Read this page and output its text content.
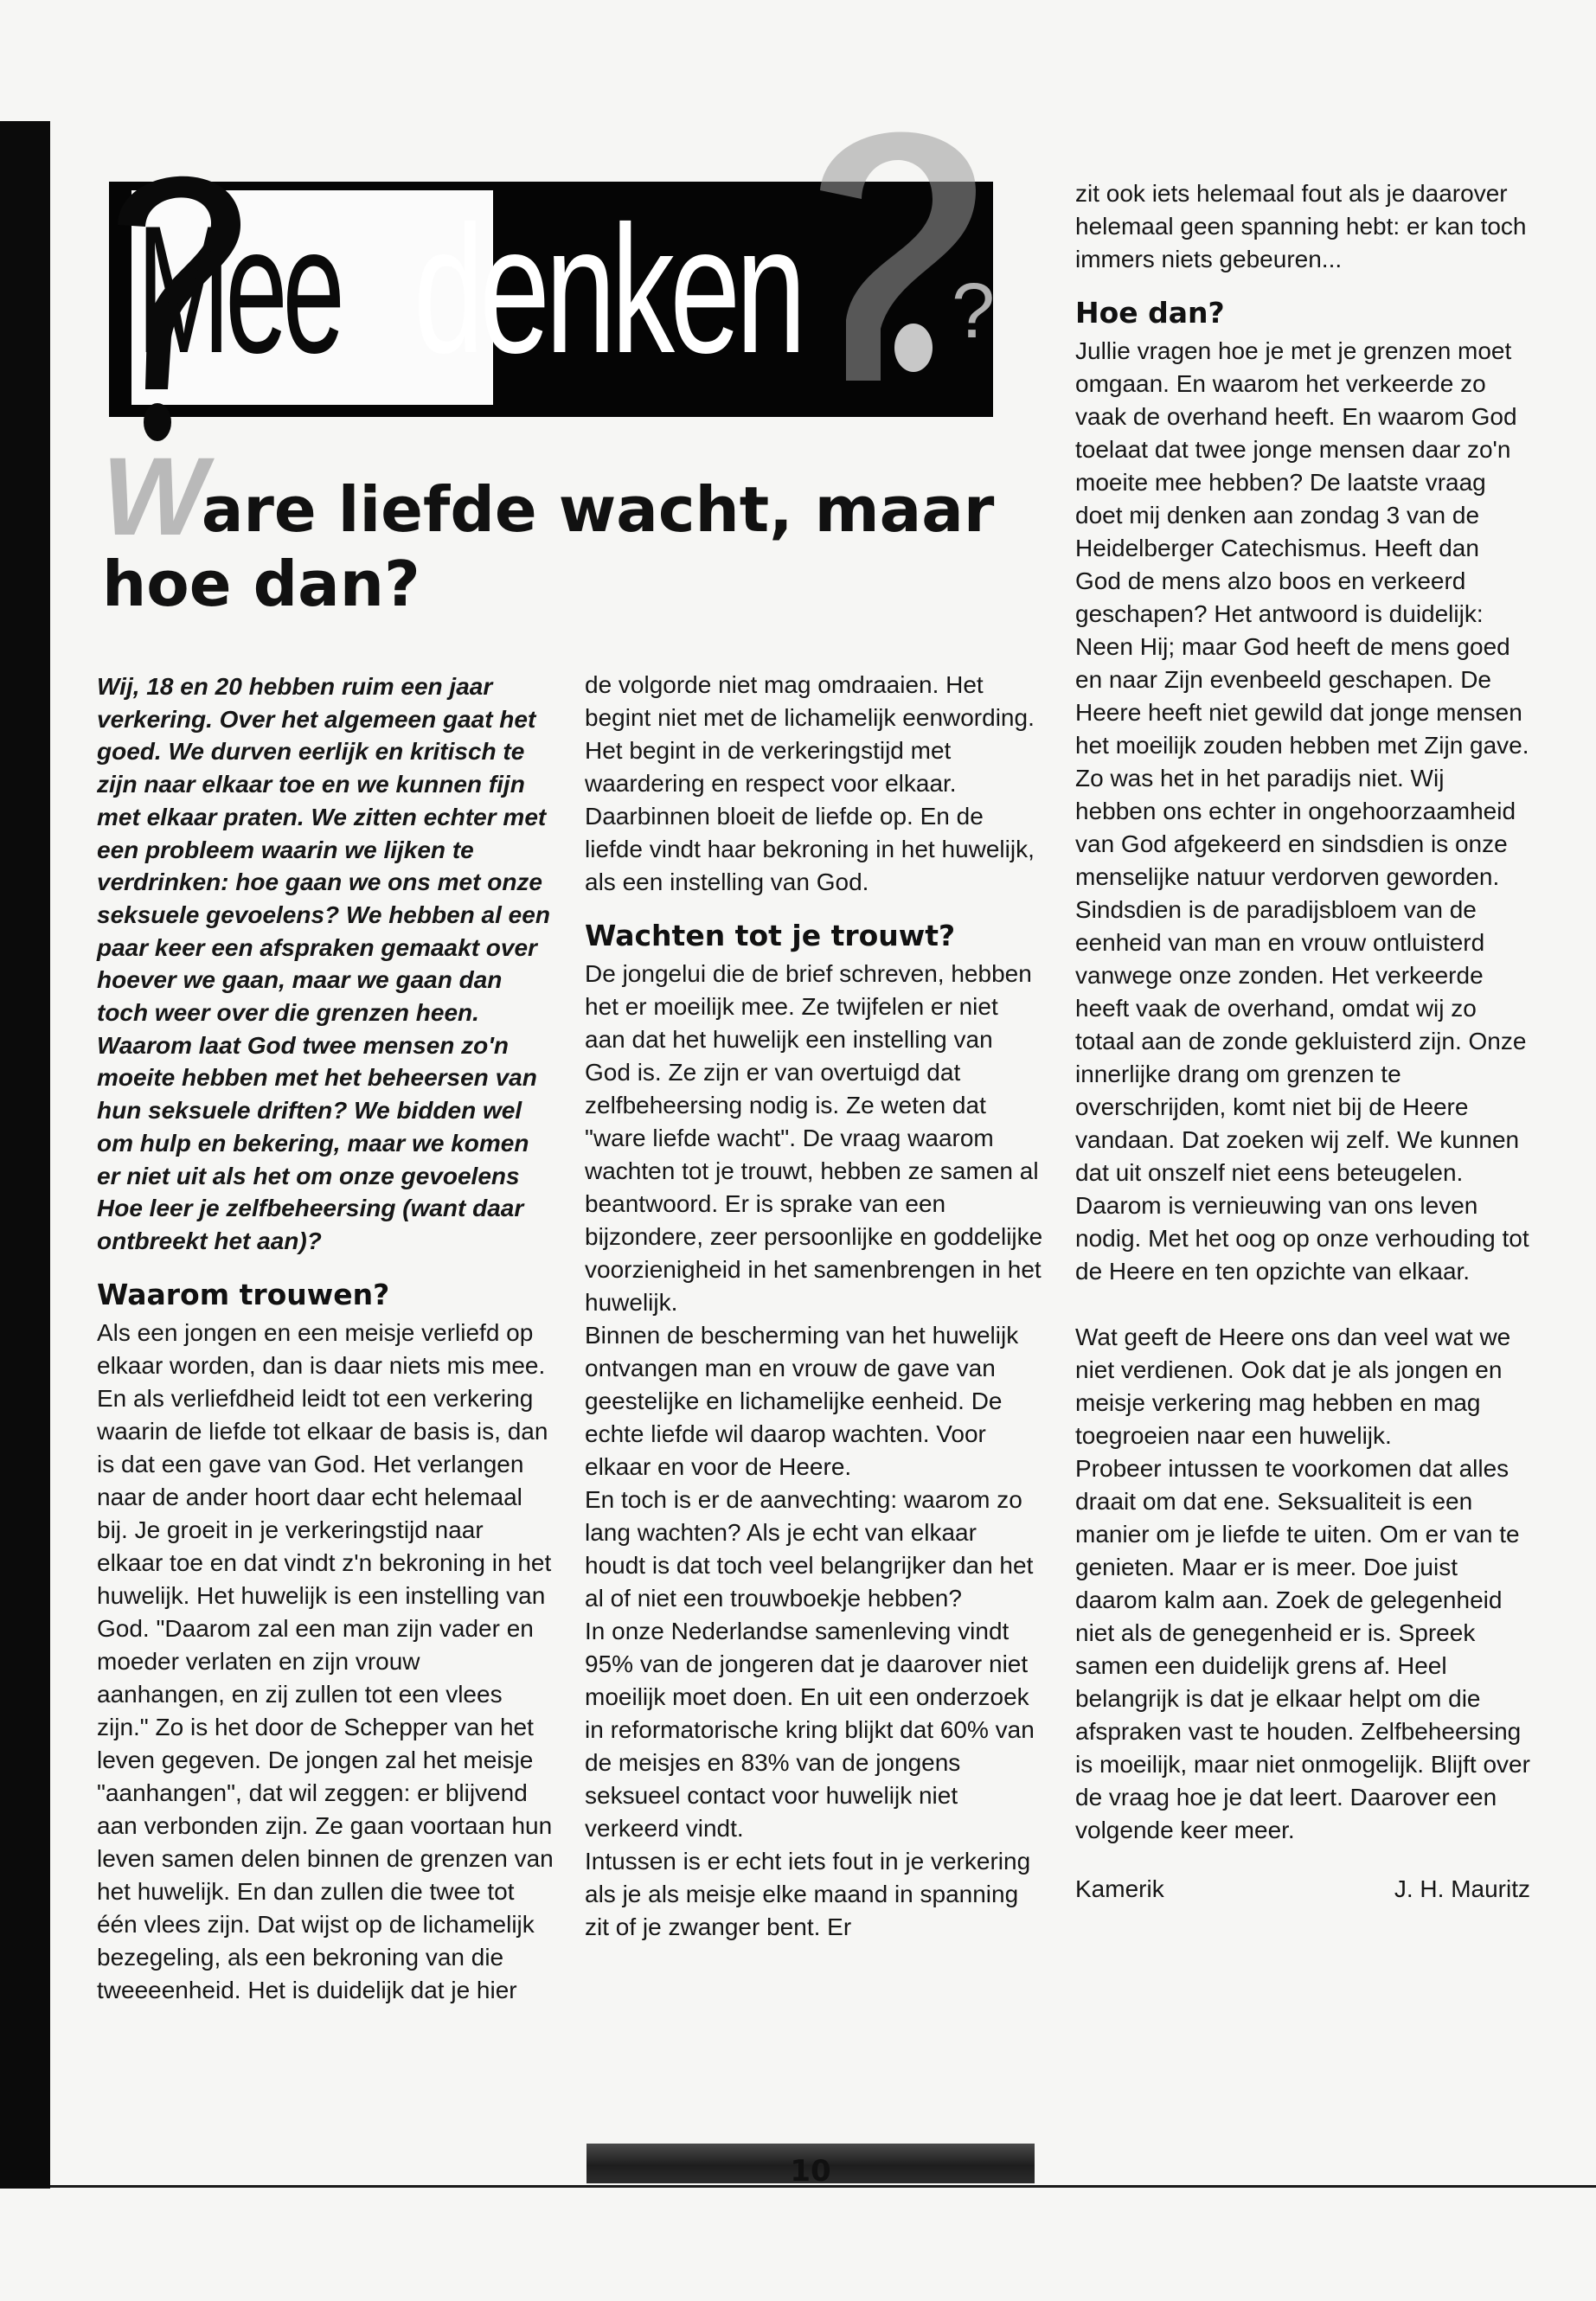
10
?
Mee denken
Ware liefde wacht, maar hoe dan?

Wij, 18 en 20 hebben ruim een jaar verkering. Over het algemeen gaat het goed. We durven eerlijk en kritisch te zijn naar elkaar toe en we kunnen fijn met elkaar praten. We zitten echter met een probleem waarin we lijken te verdrinken: hoe gaan we ons met onze seksuele gevoelens? We hebben al een paar keer een afspraken gemaakt over hoever we gaan, maar we gaan dan toch weer over die grenzen heen. Waarom laat God twee mensen zo'n moeite hebben met het beheersen van hun seksuele driften? We bidden wel om hulp en bekering, maar we komen er niet uit als het om onze gevoelens Hoe leer je zelfbeheersing (want daar ontbreekt het aan)?

Waarom trouwen?

Als een jongen en een meisje verliefd op elkaar worden, dan is daar niets mis mee. En als verliefdheid leidt tot een verkering waarin de liefde tot elkaar de basis is, dan is dat een gave van God. Het verlangen naar de ander hoort daar echt helemaal bij. Je groeit in je verkeringstijd naar elkaar toe en dat vindt z'n bekroning in het huwelijk. Het huwelijk is een instelling van God. "Daarom zal een man zijn vader en moeder verlaten en zijn vrouw aanhangen, en zij zullen tot een vlees zijn." Zo is het door de Schepper van het leven gegeven. De jongen zal het meisje "aanhangen", dat wil zeggen: er blijvend aan verbonden zijn. Ze gaan voortaan hun leven samen delen binnen de grenzen van het huwelijk. En dan zullen die twee tot één vlees zijn. Dat wijst op de lichamelijk bezegeling, als een bekroning van die tweeeenheid. Het is duidelijk dat je hier

de volgorde niet mag omdraaien. Het begint niet met de lichamelijk eenwording. Het begint in de verkeringstijd met waardering en respect voor elkaar. Daarbinnen bloeit de liefde op. En de liefde vindt haar bekroning in het huwelijk, als een instelling van God.

Wachten tot je trouwt?

De jongelui die de brief schreven, hebben het er moeilijk mee. Ze twijfelen er niet aan dat het huwelijk een instelling van God is. Ze zijn er van overtuigd dat zelfbeheersing nodig is. Ze weten dat "ware liefde wacht". De vraag waarom wachten tot je trouwt, hebben ze samen al beantwoord. Er is sprake van een bijzondere, zeer persoonlijke en goddelijke voorzienigheid in het samenbrengen in het huwelijk.

Binnen de bescherming van het huwelijk ontvangen man en vrouw de gave van geestelijke en lichamelijke eenheid. De echte liefde wil daarop wachten. Voor elkaar en voor de Heere.

En toch is er de aanvechting: waarom zo lang wachten? Als je echt van elkaar houdt is dat toch veel belangrijker dan het al of niet een trouwboekje hebben?

In onze Nederlandse samenleving vindt 95% van de jongeren dat je daarover niet moeilijk moet doen. En uit een onderzoek in reformatorische kring blijkt dat 60% van de meisjes en 83% van de jongens seksueel contact voor huwelijk niet verkeerd vindt.

Intussen is er echt iets fout in je verkering als je als meisje elke maand in spanning zit of je zwanger bent. Er

zit ook iets helemaal fout als je daarover helemaal geen spanning hebt: er kan toch immers niets gebeuren...

Hoe dan?

Jullie vragen hoe je met je grenzen moet omgaan. En waarom het verkeerde zo vaak de overhand heeft. En waarom God toelaat dat twee jonge mensen daar zo'n moeite mee hebben? De laatste vraag doet mij denken aan zondag 3 van de Heidelberger Catechismus. Heeft dan God de mens alzo boos en verkeerd geschapen? Het antwoord is duidelijk: Neen Hij; maar God heeft de mens goed en naar Zijn evenbeeld geschapen. De Heere heeft niet gewild dat jonge mensen het moeilijk zouden hebben met Zijn gave. Zo was het in het paradijs niet. Wij hebben ons echter in ongehoorzaamheid van God afgekeerd en sindsdien is onze menselijke natuur verdorven geworden. Sindsdien is de paradijsbloem van de eenheid van man en vrouw ontluisterd vanwege onze zonden. Het verkeerde heeft vaak de overhand, omdat wij zo totaal aan de zonde gekluisterd zijn. Onze innerlijke drang om grenzen te overschrijden, komt niet bij de Heere vandaan. Dat zoeken wij zelf. We kunnen dat uit onszelf niet eens beteugelen. Daarom is vernieuwing van ons leven nodig. Met het oog op onze verhouding tot de Heere en ten opzichte van elkaar.

Wat geeft de Heere ons dan veel wat we niet verdienen. Ook dat je als jongen en meisje verkering mag hebben en mag toegroeien naar een huwelijk.

Probeer intussen te voorkomen dat alles draait om dat ene. Seksualiteit is een manier om je liefde te uiten. Om er van te genieten. Maar er is meer. Doe juist daarom kalm aan. Zoek de gelegenheid niet als de genegenheid er is. Spreek samen een duidelijk grens af. Heel belangrijk is dat je elkaar helpt om die afspraken vast te houden. Zelfbeheersing is moeilijk, maar niet onmogelijk. Blijft over de vraag hoe je dat leert. Daarover een volgende keer meer.

Kamerik	J. H. Mauritz
